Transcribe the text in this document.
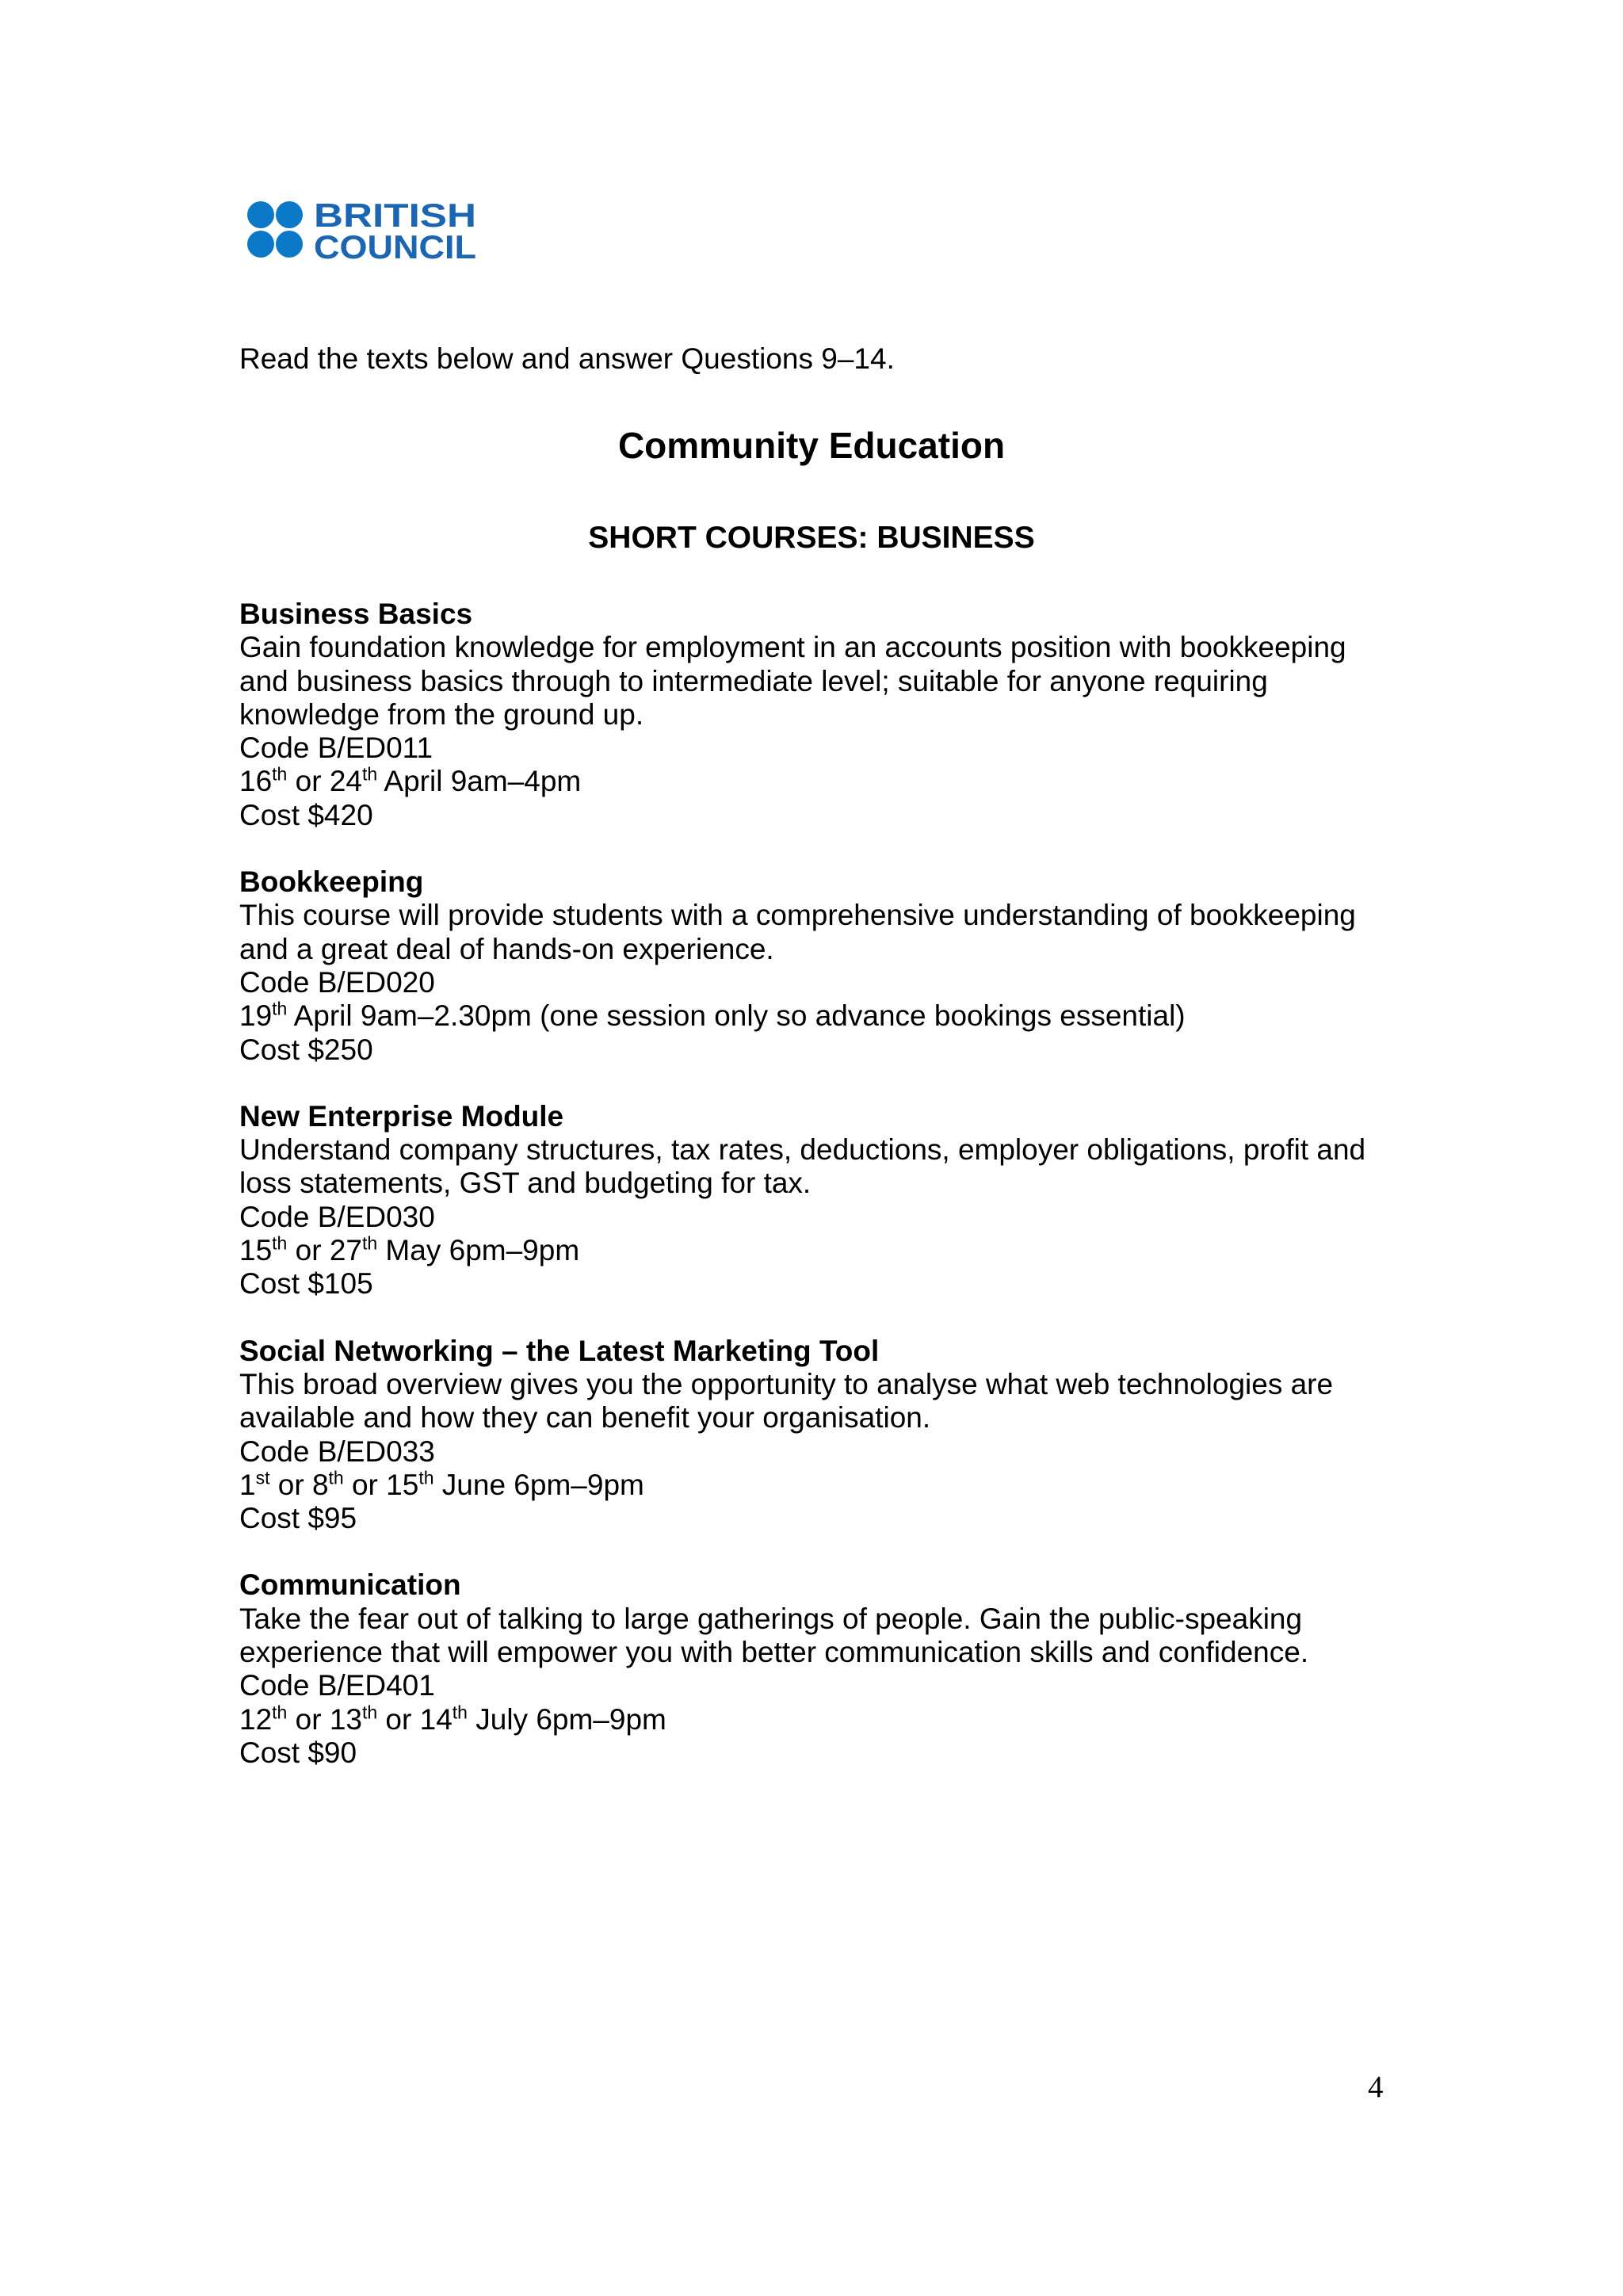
BRITISH
COUNCIL
Read the texts below and answer Questions 9–14.
Community Education
SHORT COURSES: BUSINESS
Business Basics
Gain foundation knowledge for employment in an accounts position with bookkeeping and business basics through to intermediate level; suitable for anyone requiring knowledge from the ground up.
Code B/ED011
16th or 24th April 9am–4pm
Cost $420
Bookkeeping
This course will provide students with a comprehensive understanding of bookkeeping and a great deal of hands-on experience.
Code B/ED020
19th April 9am–2.30pm (one session only so advance bookings essential)
Cost $250
New Enterprise Module
Understand company structures, tax rates, deductions, employer obligations, profit and loss statements, GST and budgeting for tax.
Code B/ED030
15th or 27th May 6pm–9pm
Cost $105
Social Networking – the Latest Marketing Tool
This broad overview gives you the opportunity to analyse what web technologies are available and how they can benefit your organisation.
Code B/ED033
1st or 8th or 15th June 6pm–9pm
Cost $95
Communication
Take the fear out of talking to large gatherings of people. Gain the public-speaking experience that will empower you with better communication skills and confidence.
Code B/ED401
12th or 13th or 14th July 6pm–9pm
Cost $90
4
